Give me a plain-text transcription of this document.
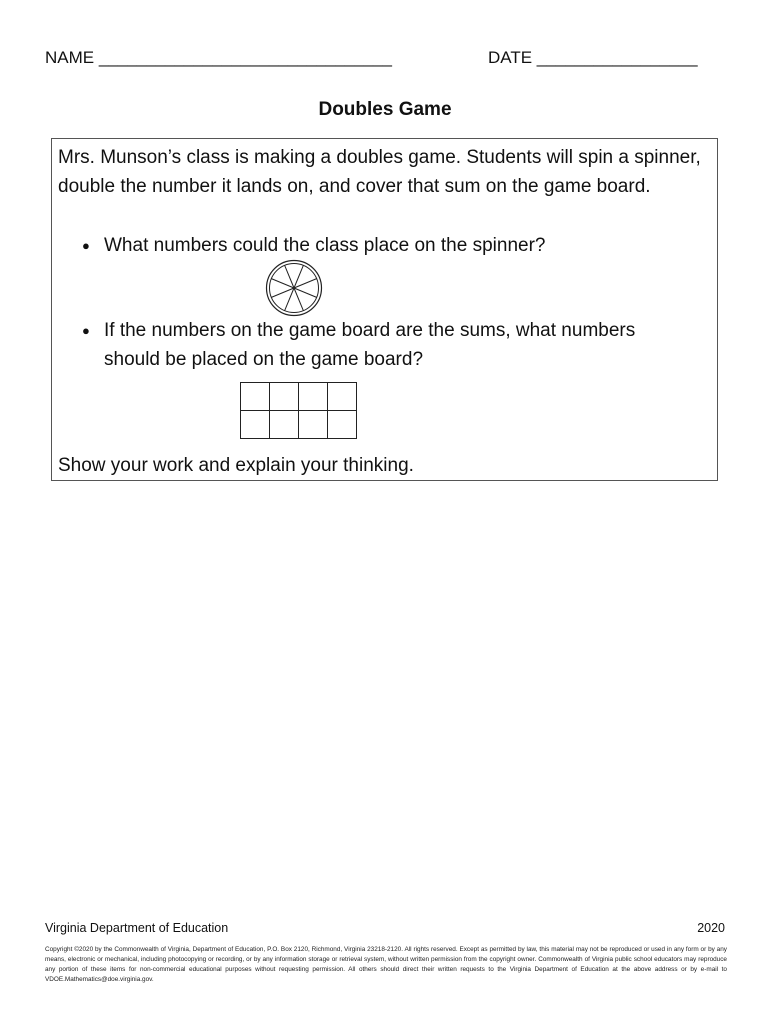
NAME _______________________________	DATE _________________
Doubles Game

Mrs. Munson’s class is making a doubles game. Students will spin a spinner, double the number it lands on, and cover that sum on the game board.

● What numbers could the class place on the spinner?
● If the numbers on the game board are the sums, what numbers should be placed on the game board?

Show your work and explain your thinking.
Virginia Department of Education	2020
Copyright ©2020 by the Commonwealth of Virginia, Department of Education, P.O. Box 2120, Richmond, Virginia 23218-2120. All rights reserved. Except as permitted by law, this material may not be reproduced or used in any form or by any means, electronic or mechanical, including photocopying or recording, or by any information storage or retrieval system, without written permission from the copyright owner. Commonwealth of Virginia public school educators may reproduce any portion of these items for non-commercial educational purposes without requesting permission. All others should direct their written requests to the Virginia Department of Education at the above address or by e-mail to VDOE.Mathematics@doe.virginia.gov.
